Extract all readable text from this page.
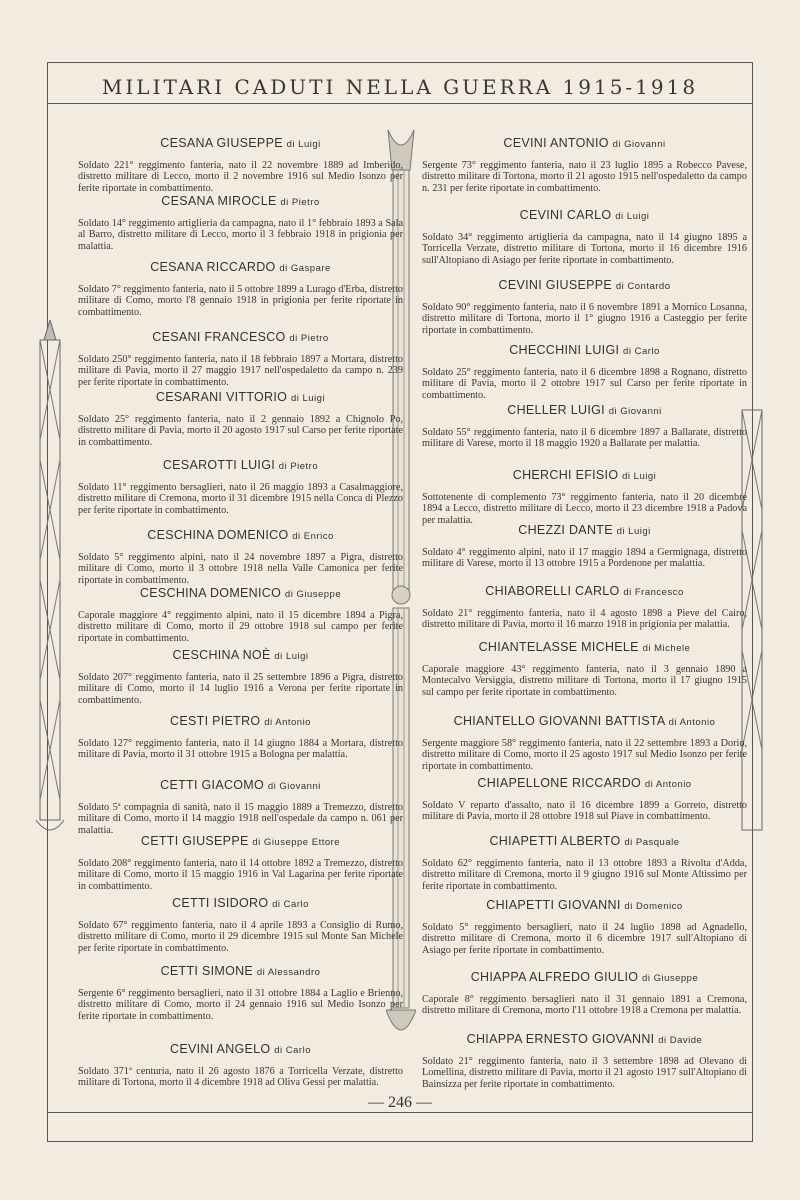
MILITARI CADUTI NELLA GUERRA 1915-1918
CESANA GIUSEPPE di Luigi
Soldato 221° reggimento fanteria, nato il 22 novembre 1889 ad Imberido, distretto militare di Lecco, morto il 2 novembre 1916 sul Medio Isonzo per ferite riportate in combattimento.
CESANA MIROCLE di Pietro
Soldato 14° reggimento artiglieria da campagna, nato il 1° febbraio 1893 a Sala al Barro, distretto militare di Lecco, morto il 3 febbraio 1918 in prigionia per malattia.
CESANA RICCARDO di Gaspare
Soldato 7° reggimento fanteria, nato il 5 ottobre 1899 a Lurago d'Erba, distretto militare di Como, morto l'8 gennaio 1918 in prigionia per ferite riportate in combattimento.
CESANI FRANCESCO di Pietro
Soldato 250° reggimento fanteria, nato il 18 febbraio 1897 a Mortara, distretto militare di Pavia, morto il 27 maggio 1917 nell'ospedaletto da campo n. 239 per ferite riportate in combattimento.
CESARANI VITTORIO di Luigi
Soldato 25° reggimento fanteria, nato il 2 gennaio 1892 a Chignolo Po, distretto militare di Pavia, morto il 20 agosto 1917 sul Carso per ferite riportate in combattimento.
CESAROTTI LUIGI di Pietro
Soldato 11° reggimento bersaglieri, nato il 26 maggio 1893 a Casalmaggiore, distretto militare di Cremona, morto il 31 dicembre 1915 nella Conca di Plezzo per ferite riportate in combattimento.
CESCHINA DOMENICO di Enrico
Soldato 5° reggimento alpini, nato il 24 novembre 1897 a Pigra, distretto militare di Como, morto il 3 ottobre 1918 nella Valle Camonica per ferite riportate in combattimento.
CESCHINA DOMENICO di Giuseppe
Caporale maggiore 4° reggimento alpini, nato il 15 dicembre 1894 a Pigra, distretto militare di Como, morto il 29 ottobre 1918 sul campo per ferite riportate in combattimento.
CESCHINA NOÈ di Luigi
Soldato 207° reggimento fanteria, nato il 25 settembre 1896 a Pigra, distretto militare di Como, morto il 14 luglio 1916 a Verona per ferite riportate in combattimento.
CESTI PIETRO di Antonio
Soldato 127° reggimento fanteria, nato il 14 giugno 1884 a Mortara, distretto militare di Pavia, morto il 31 ottobre 1915 a Bologna per malattia.
CETTI GIACOMO di Giovanni
Soldato 5ª compagnia di sanità, nato il 15 maggio 1889 a Tremezzo, distretto militare di Como, morto il 14 maggio 1918 nell'ospedale da campo n. 061 per malattia.
CETTI GIUSEPPE di Giuseppe Ettore
Soldato 208° reggimento fanteria, nato il 14 ottobre 1892 a Tremezzo, distretto militare di Como, morto il 15 maggio 1916 in Val Lagarina per ferite riportate in combattimento.
CETTI ISIDORO di Carlo
Soldato 67° reggimento fanteria, nato il 4 aprile 1893 a Consiglio di Rumo, distretto militare di Como, morto il 29 dicembre 1915 sul Monte San Michele per ferite riportate in combattimento.
CETTI SIMONE di Alessandro
Sergente 6° reggimento bersaglieri, nato il 31 ottobre 1884 a Laglio e Brienno, distretto militare di Como, morto il 24 gennaio 1916 sul Medio Isonzo per ferite riportate in combattimento.
CEVINI ANGELO di Carlo
Soldato 371ª centuria, nato il 26 agosto 1876 a Torricella Verzate, distretto militare di Tortona, morto il 4 dicembre 1918 ad Oliva Gessi per malattia.
CEVINI ANTONIO di Giovanni
Sergente 73° reggimento fanteria, nato il 23 luglio 1895 a Robecco Pavese, distretto militare di Tortona, morto il 21 agosto 1915 nell'ospedaletto da campo n. 231 per ferite riportate in combattimento.
CEVINI CARLO di Luigi
Soldato 34° reggimento artiglieria da campagna, nato il 14 giugno 1895 a Torricella Verzate, distretto militare di Tortona, morto il 16 dicembre 1916 sull'Altopiano di Asiago per ferite riportate in combattimento.
CEVINI GIUSEPPE di Contardo
Soldato 90° reggimento fanteria, nato il 6 novembre 1891 a Mornico Losanna, distretto militare di Tortona, morto il 1° giugno 1916 a Casteggio per ferite riportate in combattimento.
CHECCHINI LUIGI di Carlo
Soldato 25° reggimento fanteria, nato il 6 dicembre 1898 a Rognano, distretto militare di Pavia, morto il 2 ottobre 1917 sul Carso per ferite riportate in combattimento.
CHELLER LUIGI di Giovanni
Soldato 55° reggimento fanteria, nato il 6 dicembre 1897 a Ballarate, distretto militare di Varese, morto il 18 maggio 1920 a Ballarate per malattia.
CHERCHI EFISIO di Luigi
Sottotenente di complemento 73° reggimento fanteria, nato il 20 dicembre 1894 a Lecco, distretto militare di Lecco, morto il 23 dicembre 1918 a Padova per malattia.
CHEZZI DANTE di Luigi
Soldato 4° reggimento alpini, nato il 17 maggio 1894 a Germignaga, distretto militare di Varese, morto il 13 ottobre 1915 a Pordenone per malattia.
CHIABORELLI CARLO di Francesco
Soldato 21° reggimento fanteria, nato il 4 agosto 1898 a Pieve del Cairo, distretto militare di Pavia, morto il 16 marzo 1918 in prigionia per malattia.
CHIANTELASSE MICHELE di Michele
Caporale maggiore 43° reggimento fanteria, nato il 3 gennaio 1890 a Montecalvo Versiggia, distretto militare di Tortona, morto il 17 giugno 1915 sul campo per ferite riportate in combattimento.
CHIANTELLO GIOVANNI BATTISTA di Antonio
Sergente maggiore 58° reggimento fanteria, nato il 22 settembre 1893 a Dorio, distretto militare di Como, morto il 25 agosto 1917 sul Medio Isonzo per ferite riportate in combattimento.
CHIAPELLONE RICCARDO di Antonio
Soldato V reparto d'assalto, nato il 16 dicembre 1899 a Gorreto, distretto militare di Pavia, morto il 28 ottobre 1918 sul Piave in combattimento.
CHIAPETTI ALBERTO di Pasquale
Soldato 62° reggimento fanteria, nato il 13 ottobre 1893 a Rivolta d'Adda, distretto militare di Cremona, morto il 9 giugno 1916 sul Monte Altissimo per ferite riportate in combattimento.
CHIAPETTI GIOVANNI di Domenico
Soldato 5° reggimento bersaglieri, nato il 24 luglio 1898 ad Agnadello, distretto militare di Cremona, morto il 6 dicembre 1917 sull'Altopiano di Asiago per ferite riportate in combattimento.
CHIAPPA ALFREDO GIULIO di Giuseppe
Caporale 8° reggimento bersaglieri nato il 31 gennaio 1891 a Cremona, distretto militare di Cremona, morto l'11 ottobre 1918 a Cremona per malattia.
CHIAPPA ERNESTO GIOVANNI di Davide
Soldato 21° reggimento fanteria, nato il 3 settembre 1898 ad Olevano di Lomellina, distretto militare di Pavia, morto il 21 agosto 1917 sull'Altopiano di Bainsizza per ferite riportate in combattimento.
— 246 —
